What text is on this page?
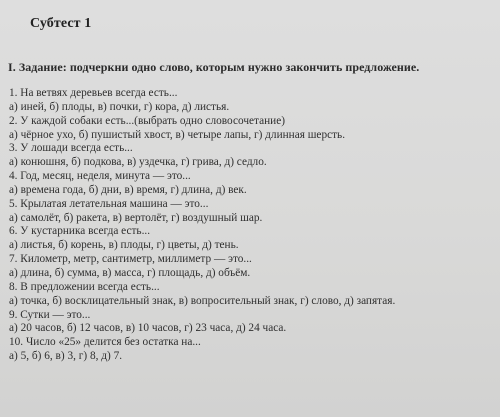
Субтест 1
I. Задание: подчеркни одно слово, которым нужно закончить предложение.
1. На ветвях деревьев всегда есть...
а) иней, б) плоды, в) почки, г) кора, д) листья.
2. У каждой собаки есть...(выбрать одно словосочетание)
а) чёрное ухо, б) пушистый хвост, в) четыре лапы, г) длинная шерсть.
3. У лошади всегда есть...
а) конюшня, б) подкова, в) уздечка, г) грива, д) седло.
4. Год, месяц, неделя, минута — это...
а) времена года, б) дни, в) время, г) длина, д) век.
5. Крылатая летательная машина — это...
а) самолёт, б) ракета, в) вертолёт, г) воздушный шар.
6. У кустарника всегда есть...
а) листья, б) корень, в) плоды, г) цветы, д) тень.
7. Километр, метр, сантиметр, миллиметр — это...
а) длина, б) сумма, в) масса, г) площадь, д) объём.
8. В предложении всегда есть...
а) точка, б) восклицательный знак, в) вопросительный знак, г) слово, д) запятая.
9. Сутки — это...
а) 20 часов, б) 12 часов, в) 10 часов, г) 23 часа, д) 24 часа.
10. Число «25» делится без остатка на...
а) 5, б) 6, в) 3, г) 8, д) 7.
